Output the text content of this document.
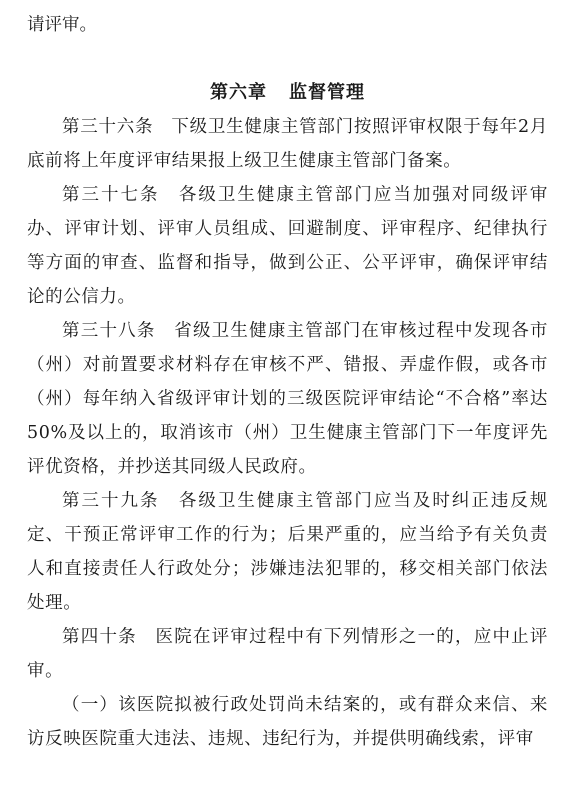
请评审。

第六章 监督管理

第三十六条 下级卫生健康主管部门按照评审权限于每年2月底前将上年度评审结果报上级卫生健康主管部门备案。

第三十七条 各级卫生健康主管部门应当加强对同级评审办、评审计划、评审人员组成、回避制度、评审程序、纪律执行等方面的审查、监督和指导，做到公正、公平评审，确保评审结论的公信力。

第三十八条 省级卫生健康主管部门在审核过程中发现各市（州）对前置要求材料存在审核不严、错报、弄虚作假，或各市（州）每年纳入省级评审计划的三级医院评审结论“不合格”率达50%及以上的，取消该市（州）卫生健康主管部门下一年度评先评优资格，并抄送其同级人民政府。

第三十九条 各级卫生健康主管部门应当及时纠正违反规定、干预正常评审工作的行为；后果严重的，应当给予有关负责人和直接责任人行政处分；涉嫌违法犯罪的，移交相关部门依法处理。

第四十条 医院在评审过程中有下列情形之一的，应中止评审。

（一）该医院拟被行政处罚尚未结案的，或有群众来信、来访反映医院重大违法、违规、违纪行为，并提供明确线索，评审
